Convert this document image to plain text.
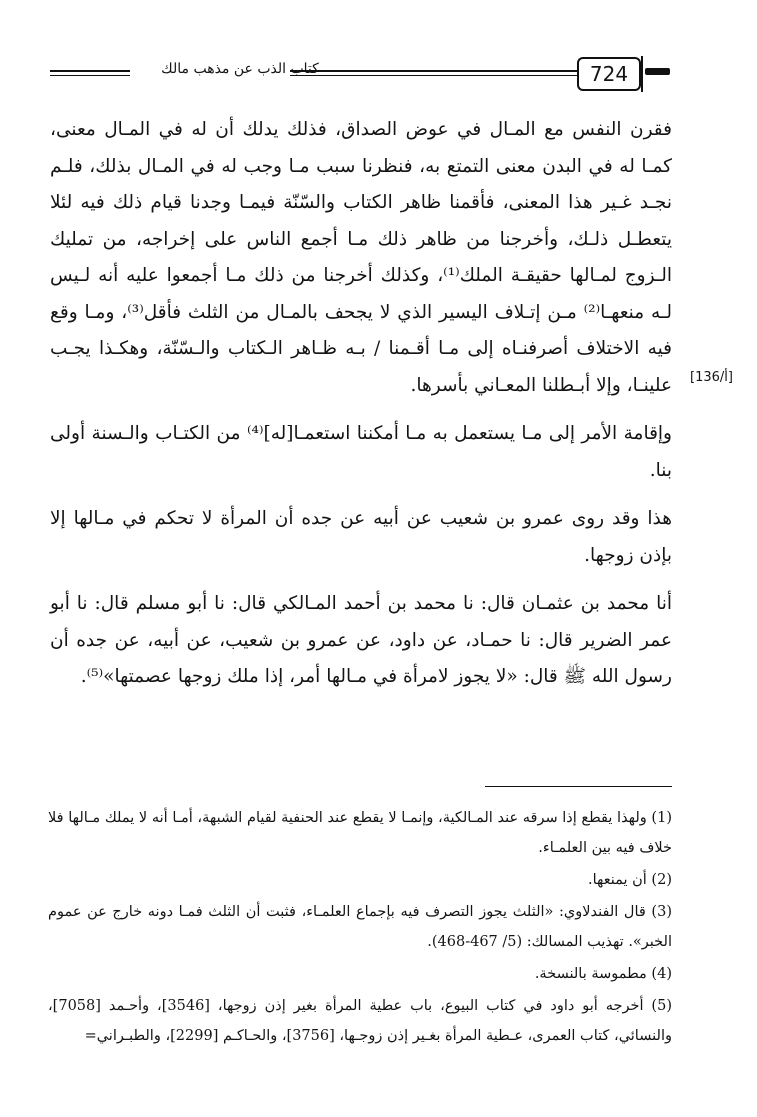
كتاب الذب عن مذهب مالك	724
[136/أ]

فقرن النفس مع المـال في عوض الصداق، فذلك يدلك أن له في المـال معنى، كمـا له في البدن معنى التمتع به، فنظرنا سبب مـا وجب له في المـال بذلك، فلـم نجـد غـير هذا المعنى، فأقمنا ظاهر الكتاب والسّنّة فيمـا وجدنا قيام ذلك فيه لئلا يتعطـل ذلـك، وأخرجنا من ظاهر ذلك مـا أجمع الناس على إخراجه، من تمليك الـزوج لمـالها حقيقـة الملك⁽¹⁾، وكذلك أخرجنا من ذلك مـا أجمعوا عليه أنه لـيس لـه منعهـا⁽²⁾ مـن إتـلاف اليسير الذي لا يجحف بالمـال من الثلث فأقل⁽³⁾، ومـا وقع فيه الاختلاف أصرفنـاه إلى مـا أقـمنا / بـه ظـاهر الـكتاب والـسّنّة، وهكـذا يجـب علينـا، وإلا أبـطلنا المعـاني بأسرها.

وإقامة الأمر إلى مـا يستعمل به مـا أمكننا استعمـا[له]⁽⁴⁾ من الكتـاب والـسنة أولى بنا.

هذا وقد روى عمرو بن شعيب عن أبيه عن جده أن المرأة لا تحكم في مـالها إلا بإذن زوجها.

أنا محمد بن عثمـان قال: نا محمد بن أحمد المـالكي قال: نا أبو مسلم قال: نا أبو عمر الضرير قال: نا حمـاد، عن داود، عن عمرو بن شعيب، عن أبيه، عن جده أن رسول الله ﷺ قال: «لا يجوز لامرأة في مـالها أمر، إذا ملك زوجها عصمتها»⁽⁵⁾.

(1) ولهذا يقطع إذا سرقه عند المـالكية، وإنمـا لا يقطع عند الحنفية لقيام الشبهة، أمـا أنه لا يملك مـالها فلا خلاف فيه بين العلمـاء.

(2) أن يمنعها.

(3) قال الفندلاوي: «الثلث يجوز التصرف فيه بإجماع العلمـاء، فثبت أن الثلث فمـا دونه خارج عن عموم الخبر». تهذيب المسالك: (5/ 467-468).

(4) مطموسة بالنسخة.

(5) أخرجه أبو داود في كتاب البيوع، باب عطية المرأة بغير إذن زوجها، [3546]، وأحـمد [7058]، والنسائي، كتاب العمرى، عـطية المرأة بغـير إذن زوجـها، [3756]، والحـاكـم [2299]، والطبـراني=
